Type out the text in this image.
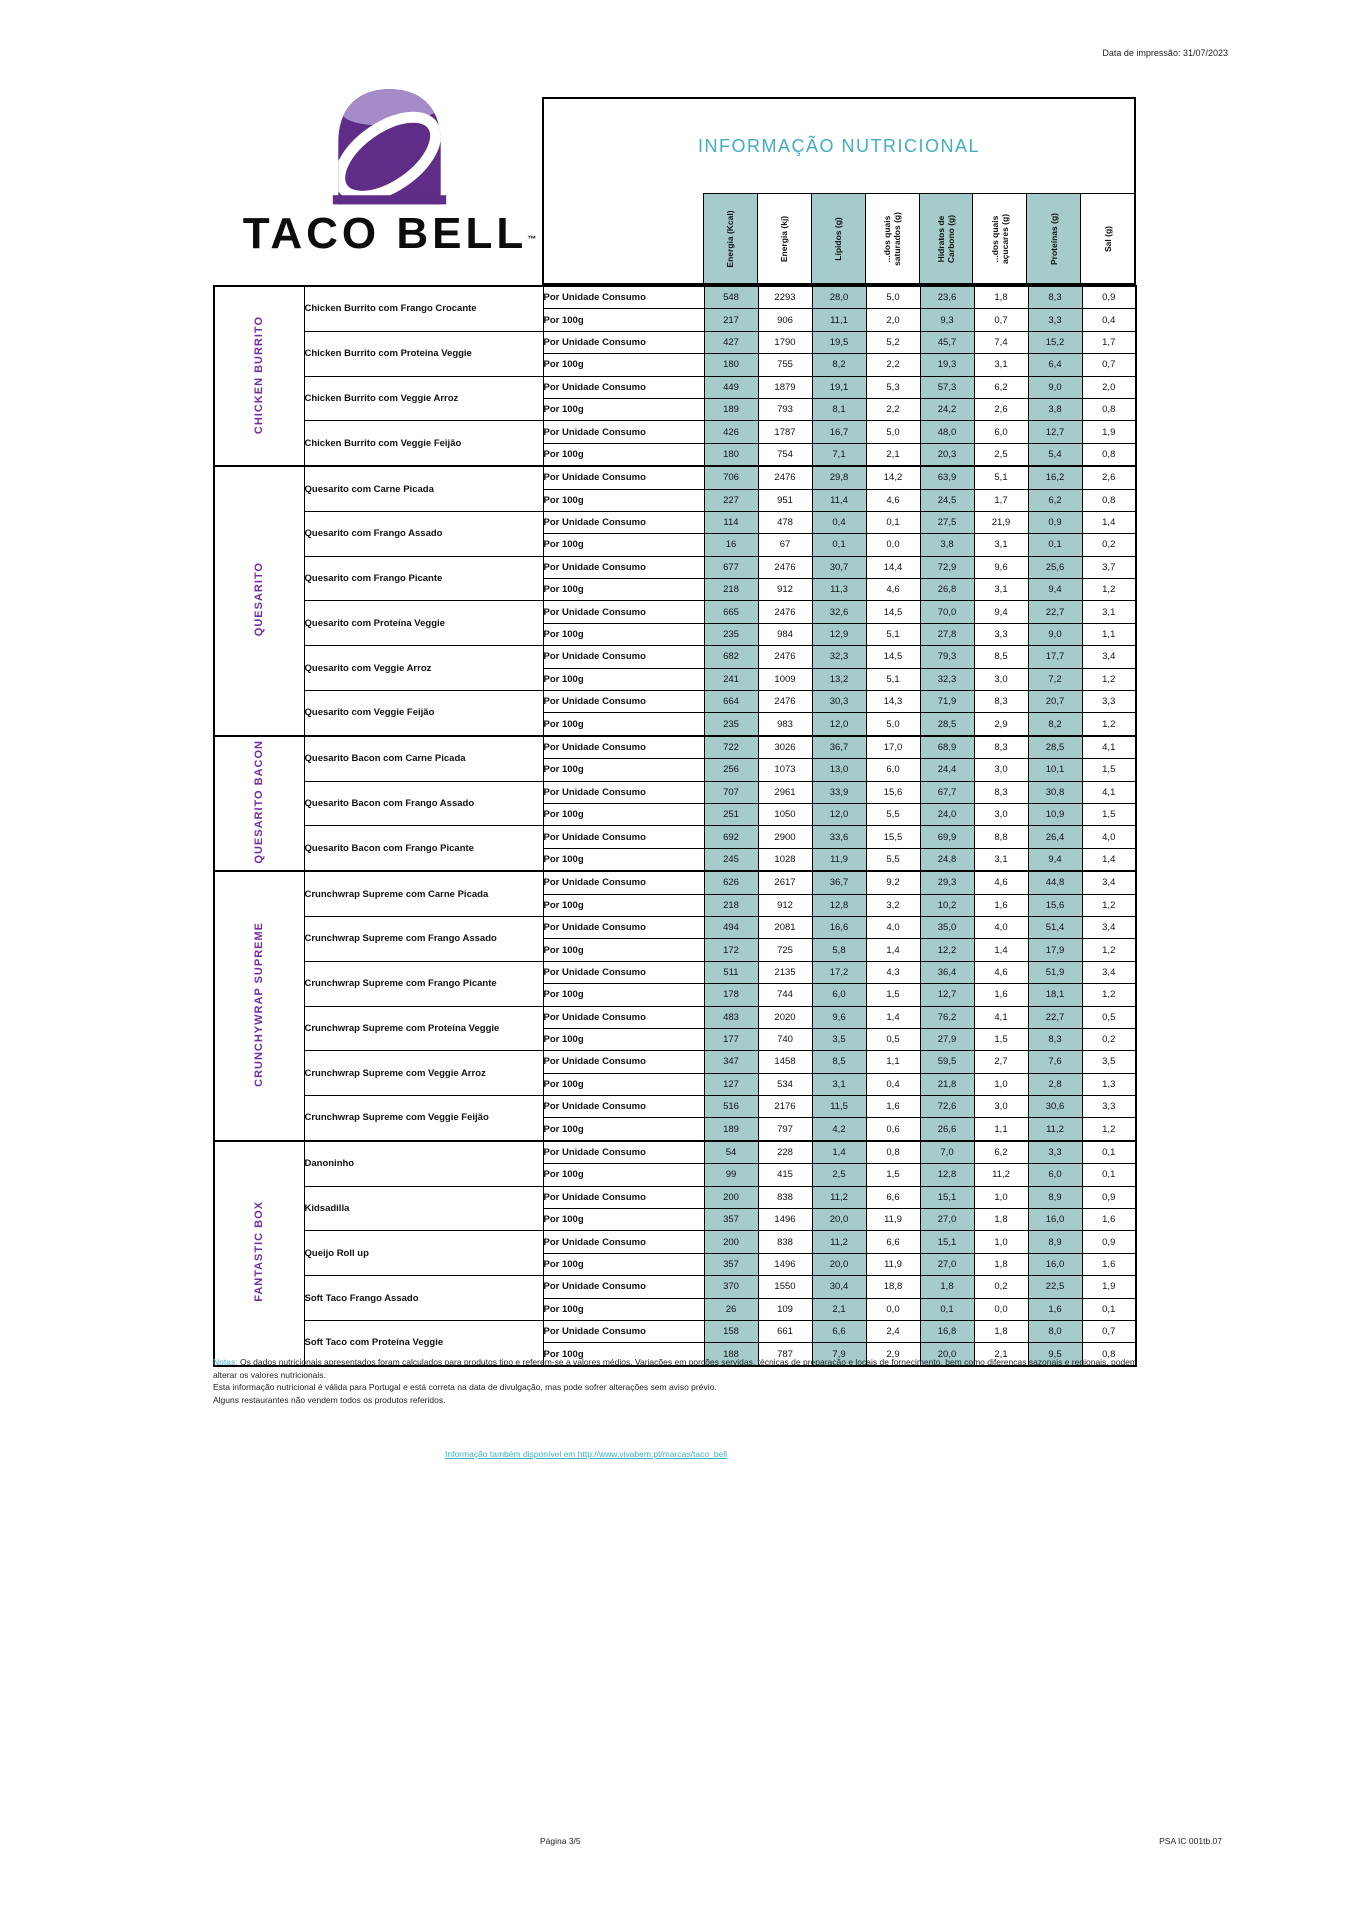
Data de impressão: 31/07/2023
TACO BELL™
INFORMAÇÃO NUTRICIONAL
Energia (Kcal)	Energia (kj)	Lípidos (g)	...dos quais saturados (g)	Hidratos de Carbono (g)	...dos quais açucares (g)	Proteínas (g)	Sal (g)
CHICKEN BURRITO	Chicken Burrito com Frango Crocante	Por Unidade Consumo	548	2293	28,0	5,0	23,6	1,8	8,3	0,9
		Por 100g	217	906	11,1	2,0	9,3	0,7	3,3	0,4
	Chicken Burrito com Proteina Veggie	Por Unidade Consumo	427	1790	19,5	5,2	45,7	7,4	15,2	1,7
		Por 100g	180	755	8,2	2,2	19,3	3,1	6,4	0,7
	Chicken Burrito com Veggie Arroz	Por Unidade Consumo	449	1879	19,1	5,3	57,3	6,2	9,0	2,0
		Por 100g	189	793	8,1	2,2	24,2	2,6	3,8	0,8
	Chicken Burrito com Veggie Feijão	Por Unidade Consumo	426	1787	16,7	5,0	48,0	6,0	12,7	1,9
		Por 100g	180	754	7,1	2,1	20,3	2,5	5,4	0,8
QUESARITO	Quesarito com Carne Picada	Por Unidade Consumo	706	2476	29,8	14,2	63,9	5,1	16,2	2,6
		Por 100g	227	951	11,4	4,6	24,5	1,7	6,2	0,8
	Quesarito com Frango Assado	Por Unidade Consumo	114	478	0,4	0,1	27,5	21,9	0,9	1,4
		Por 100g	16	67	0,1	0,0	3,8	3,1	0,1	0,2
	Quesarito com Frango Picante	Por Unidade Consumo	677	2476	30,7	14,4	72,9	9,6	25,6	3,7
		Por 100g	218	912	11,3	4,6	26,8	3,1	9,4	1,2
	Quesarito com Proteína Veggie	Por Unidade Consumo	665	2476	32,6	14,5	70,0	9,4	22,7	3,1
		Por 100g	235	984	12,9	5,1	27,8	3,3	9,0	1,1
	Quesarito com Veggie Arroz	Por Unidade Consumo	682	2476	32,3	14,5	79,3	8,5	17,7	3,4
		Por 100g	241	1009	13,2	5,1	32,3	3,0	7,2	1,2
	Quesarito com Veggie Feijão	Por Unidade Consumo	664	2476	30,3	14,3	71,9	8,3	20,7	3,3
		Por 100g	235	983	12,0	5,0	28,5	2,9	8,2	1,2
QUESARITO BACON	Quesarito Bacon com Carne Picada	Por Unidade Consumo	722	3026	36,7	17,0	68,9	8,3	28,5	4,1
		Por 100g	256	1073	13,0	6,0	24,4	3,0	10,1	1,5
	Quesarito Bacon com Frango Assado	Por Unidade Consumo	707	2961	33,9	15,6	67,7	8,3	30,8	4,1
		Por 100g	251	1050	12,0	5,5	24,0	3,0	10,9	1,5
	Quesarito Bacon com Frango Picante	Por Unidade Consumo	692	2900	33,6	15,5	69,9	8,8	26,4	4,0
		Por 100g	245	1028	11,9	5,5	24,8	3,1	9,4	1,4
CRUNCHYWRAP SUPREME	Crunchwrap Supreme com Carne Picada	Por Unidade Consumo	626	2617	36,7	9,2	29,3	4,6	44,8	3,4
		Por 100g	218	912	12,8	3,2	10,2	1,6	15,6	1,2
	Crunchwrap Supreme com Frango Assado	Por Unidade Consumo	494	2081	16,6	4,0	35,0	4,0	51,4	3,4
		Por 100g	172	725	5,8	1,4	12,2	1,4	17,9	1,2
	Crunchwrap Supreme com Frango Picante	Por Unidade Consumo	511	2135	17,2	4,3	36,4	4,6	51,9	3,4
		Por 100g	178	744	6,0	1,5	12,7	1,6	18,1	1,2
	Crunchwrap Supreme com Proteína Veggie	Por Unidade Consumo	483	2020	9,6	1,4	76,2	4,1	22,7	0,5
		Por 100g	177	740	3,5	0,5	27,9	1,5	8,3	0,2
	Crunchwrap Supreme com Veggie Arroz	Por Unidade Consumo	347	1458	8,5	1,1	59,5	2,7	7,6	3,5
		Por 100g	127	534	3,1	0,4	21,8	1,0	2,8	1,3
	Crunchwrap Supreme com Veggie Feijão	Por Unidade Consumo	516	2176	11,5	1,6	72,6	3,0	30,6	3,3
		Por 100g	189	797	4,2	0,6	26,6	1,1	11,2	1,2
FANTASTIC BOX	Danoninho	Por Unidade Consumo	54	228	1,4	0,8	7,0	6,2	3,3	0,1
		Por 100g	99	415	2,5	1,5	12,8	11,2	6,0	0,1
	Kidsadilla	Por Unidade Consumo	200	838	11,2	6,6	15,1	1,0	8,9	0,9
		Por 100g	357	1496	20,0	11,9	27,0	1,8	16,0	1,6
	Queijo Roll up	Por Unidade Consumo	200	838	11,2	6,6	15,1	1,0	8,9	0,9
		Por 100g	357	1496	20,0	11,9	27,0	1,8	16,0	1,6
	Soft Taco Frango Assado	Por Unidade Consumo	370	1550	30,4	18,8	1,8	0,2	22,5	1,9
		Por 100g	26	109	2,1	0,0	0,1	0,0	1,6	0,1
	Soft Taco com Proteína Veggie	Por Unidade Consumo	158	661	6,6	2,4	16,8	1,8	8,0	0,7
		Por 100g	188	787	7,9	2,9	20,0	2,1	9,5	0,8

Notas: Os dados nutricionais apresentados foram calculados para produtos tipo e referem-se a valores médios. Variações em porções servidas, técnicas de preparação e locais de fornecimento, bem como diferenças sazonais e regionais, podem alterar os valores nutricionais.

Esta informação nutricional é válida para Portugal e está correta na data de divulgação, mas pode sofrer alterações sem aviso prévio.

Alguns restaurantes não vendem todos os produtos referidos.

Informação também disponível em http://www.vivabem.pt/marcas/taco_bell
Página 3/5	PSA IC 001tb.07
